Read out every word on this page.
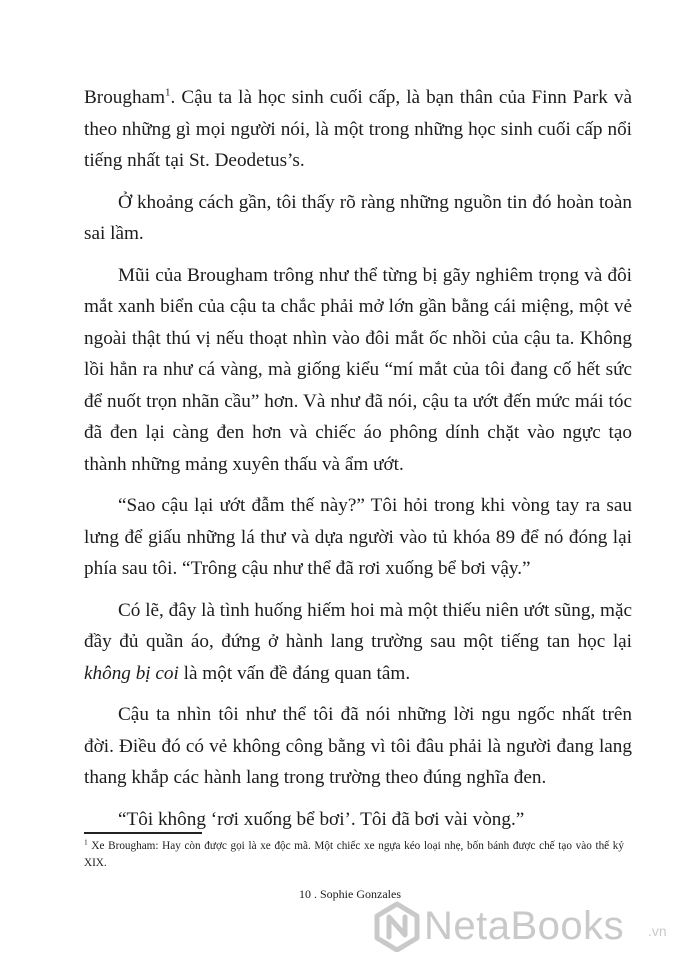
Brougham$^1$. Cậu ta là học sinh cuối cấp, là bạn thân của Finn Park và theo những gì mọi người nói, là một trong những học sinh cuối cấp nổi tiếng nhất tại St. Deodetus’s.

Ở khoảng cách gần, tôi thấy rõ ràng những nguồn tin đó hoàn toàn sai lầm.

Mũi của Brougham trông như thể từng bị gãy nghiêm trọng và đôi mắt xanh biển của cậu ta chắc phải mở lớn gần bằng cái miệng, một vẻ ngoài thật thú vị nếu thoạt nhìn vào đôi mắt ốc nhồi của cậu ta. Không lồi hẳn ra như cá vàng, mà giống kiểu “mí mắt của tôi đang cố hết sức để nuốt trọn nhãn cầu” hơn. Và như đã nói, cậu ta ướt đến mức mái tóc đã đen lại càng đen hơn và chiếc áo phông dính chặt vào ngực tạo thành những mảng xuyên thấu và ẩm ướt.

“Sao cậu lại ướt đẫm thế này?” Tôi hỏi trong khi vòng tay ra sau lưng để giấu những lá thư và dựa người vào tủ khóa 89 để nó đóng lại phía sau tôi. “Trông cậu như thể đã rơi xuống bể bơi vậy.”

Có lẽ, đây là tình huống hiếm hoi mà một thiếu niên ướt sũng, mặc đầy đủ quần áo, đứng ở hành lang trường sau một tiếng tan học lại không bị coi là một vấn đề đáng quan tâm.

Cậu ta nhìn tôi như thể tôi đã nói những lời ngu ngốc nhất trên đời. Điều đó có vẻ không công bằng vì tôi đâu phải là người đang lang thang khắp các hành lang trong trường theo đúng nghĩa đen.

“Tôi không ‘rơi xuống bể bơi’. Tôi đã bơi vài vòng.”

$^1$ Xe Brougham: Hay còn được gọi là xe độc mã. Một chiếc xe ngựa kéo loại nhẹ, bốn bánh được chế tạo vào thế kỷ XIX.
10 . Sophie Gonzales
NetaBooks .vn
